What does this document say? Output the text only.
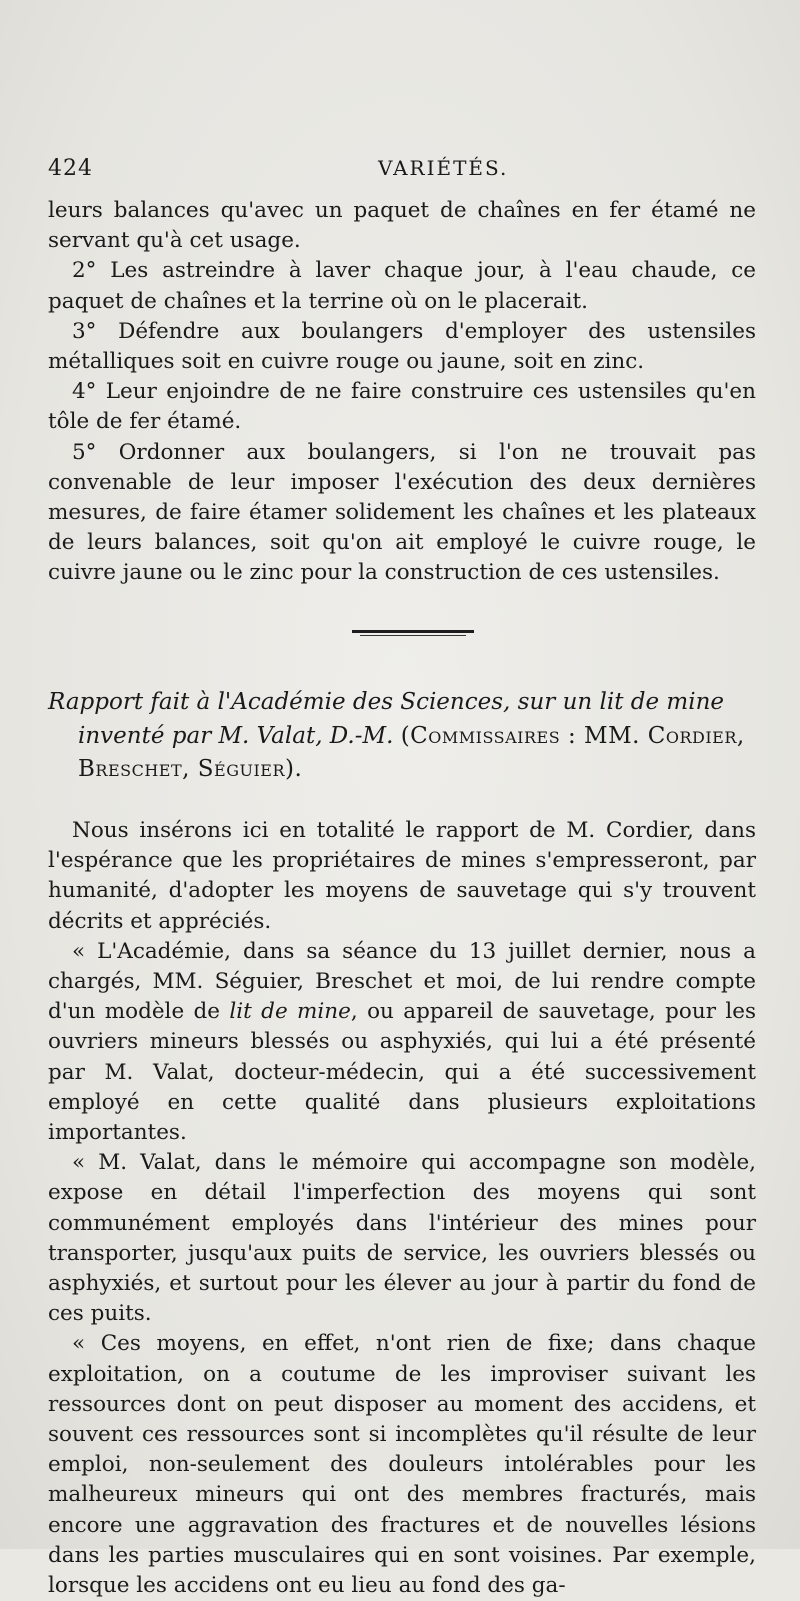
424	VARIÉTÉS.

leurs balances qu'avec un paquet de chaînes en fer étamé ne servant qu'à cet usage.

2° Les astreindre à laver chaque jour, à l'eau chaude, ce paquet de chaînes et la terrine où on le placerait.

3° Défendre aux boulangers d'employer des ustensiles métalliques soit en cuivre rouge ou jaune, soit en zinc.

4° Leur enjoindre de ne faire construire ces ustensiles qu'en tôle de fer étamé.

5° Ordonner aux boulangers, si l'on ne trouvait pas convenable de leur imposer l'exécution des deux dernières mesures, de faire étamer solidement les chaînes et les plateaux de leurs balances, soit qu'on ait employé le cuivre rouge, le cuivre jaune ou le zinc pour la construction de ces ustensiles.

Rapport fait à l'Académie des Sciences, sur un lit de mine inventé par M. Valat, D.-M. (Commissaires : MM. Cordier, Breschet, Séguier).

Nous insérons ici en totalité le rapport de M. Cordier, dans l'espérance que les propriétaires de mines s'empresseront, par humanité, d'adopter les moyens de sauvetage qui s'y trouvent décrits et appréciés.

« L'Académie, dans sa séance du 13 juillet dernier, nous a chargés, MM. Séguier, Breschet et moi, de lui rendre compte d'un modèle de lit de mine, ou appareil de sauvetage, pour les ouvriers mineurs blessés ou asphyxiés, qui lui a été présenté par M. Valat, docteur-médecin, qui a été successivement employé en cette qualité dans plusieurs exploitations importantes.

« M. Valat, dans le mémoire qui accompagne son modèle, expose en détail l'imperfection des moyens qui sont communément employés dans l'intérieur des mines pour transporter, jusqu'aux puits de service, les ouvriers blessés ou asphyxiés, et surtout pour les élever au jour à partir du fond de ces puits.

« Ces moyens, en effet, n'ont rien de fixe; dans chaque exploitation, on a coutume de les improviser suivant les ressources dont on peut disposer au moment des accidens, et souvent ces ressources sont si incomplètes qu'il résulte de leur emploi, non-seulement des douleurs intolérables pour les malheureux mineurs qui ont des membres fracturés, mais encore une aggravation des fractures et de nouvelles lésions dans les parties musculaires qui en sont voisines. Par exemple, lorsque les accidens ont eu lieu au fond des ga-
